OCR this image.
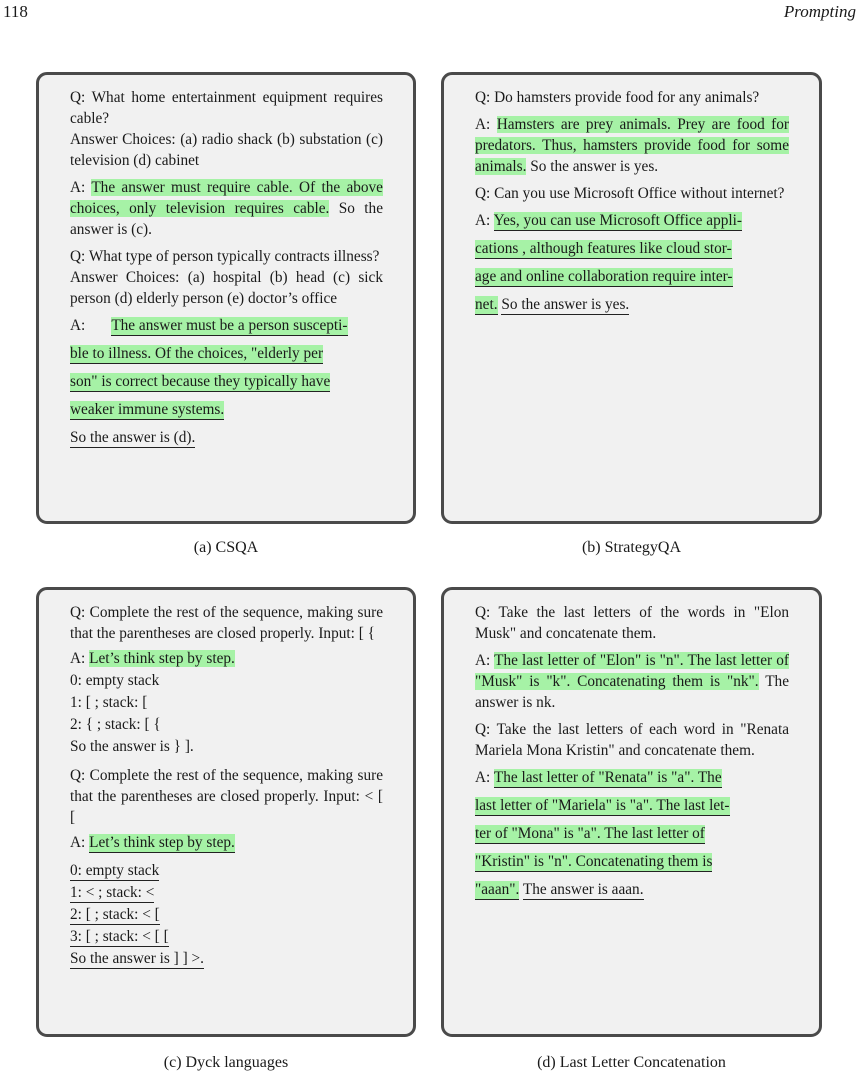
118	Prompting
Q: What home entertainment equipment requires cable?
Answer Choices: (a) radio shack (b) substation (c) television (d) cabinet
A: The answer must require cable. Of the above choices, only television requires cable. So the answer is (c).
Q: What type of person typically contracts illness?
Answer Choices: (a) hospital (b) head (c) sick person (d) elderly person (e) doctor’s office
A: The answer must be a person suscepti-
ble to illness. Of the choices, "elderly per
son" is correct because they typically have
weaker immune systems.
So the answer is (d).
(a) CSQA
Q: Do hamsters provide food for any animals?
A: Hamsters are prey animals. Prey are food for predators. Thus, hamsters provide food for some animals. So the answer is yes.
Q: Can you use Microsoft Office without internet?
A: Yes, you can use Microsoft Office appli-
cations , although features like cloud stor-
age and online collaboration require inter-
net. So the answer is yes.
(b) StrategyQA
Q: Complete the rest of the sequence, making sure that the parentheses are closed properly. Input: [ {
A: Let’s think step by step.
0: empty stack
1: [ ; stack: [
2: { ; stack: [ {
So the answer is } ].
Q: Complete the rest of the sequence, making sure that the parentheses are closed properly. Input: < [ [
A: Let’s think step by step.
0: empty stack
1: < ; stack: <
2: [ ; stack: < [
3: [ ; stack: < [ [
So the answer is ] ] >.
(c) Dyck languages
Q: Take the last letters of the words in "Elon Musk" and concatenate them.
A: The last letter of "Elon" is "n". The last letter of "Musk" is "k". Concatenating them is "nk". The answer is nk.
Q: Take the last letters of each word in "Renata Mariela Mona Kristin" and concatenate them.
A: The last letter of "Renata" is "a". The
last letter of "Mariela" is "a". The last let-
ter of "Mona" is "a". The last letter of
"Kristin" is "n". Concatenating them is
"aaan". The answer is aaan.
(d) Last Letter Concatenation
